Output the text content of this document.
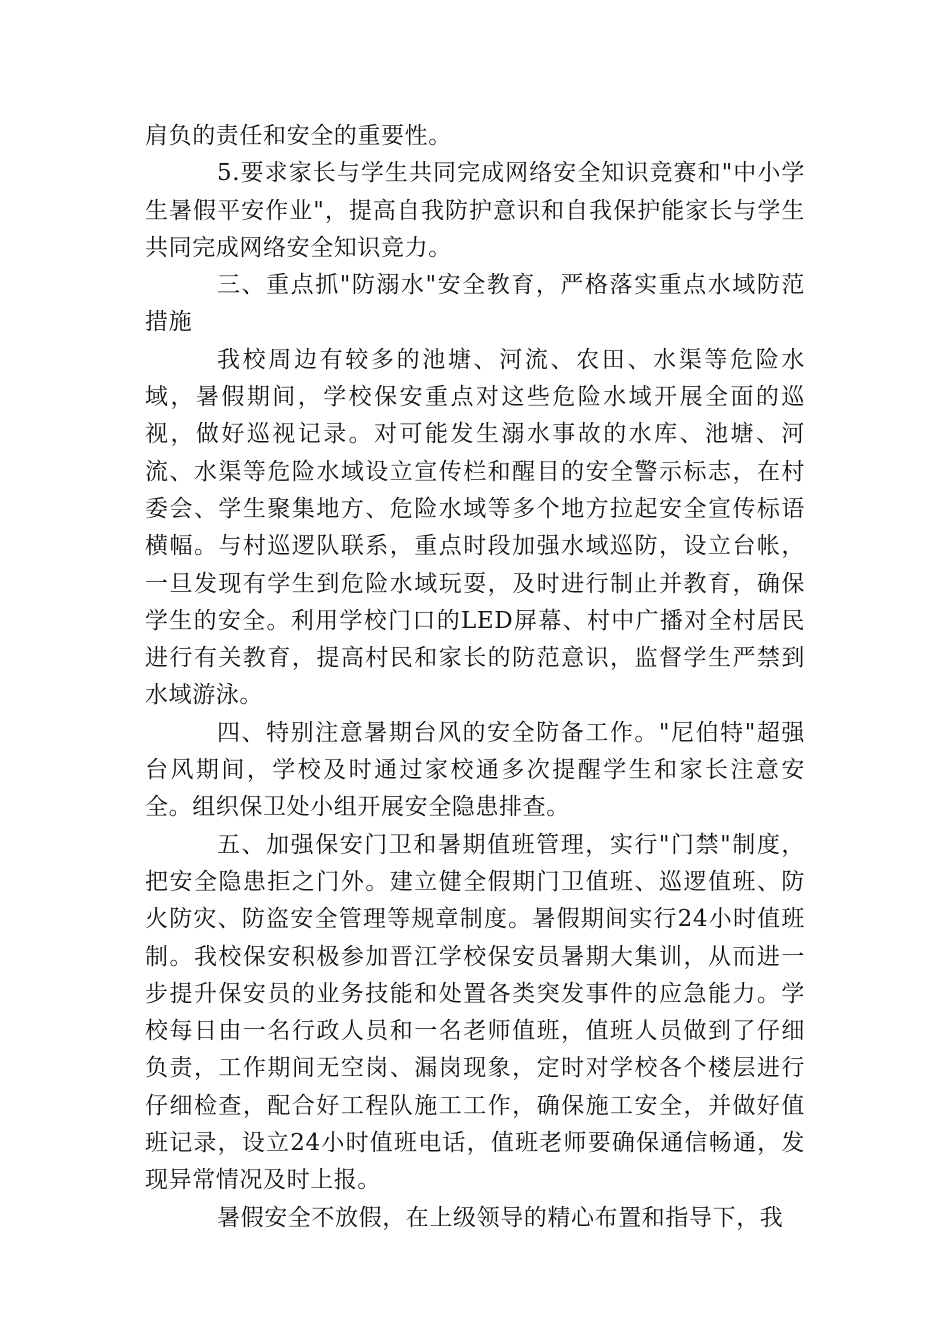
肩负的责任和安全的重要性。

5.要求家长与学生共同完成网络安全知识竞赛和"中小学生暑假平安作业"，提高自我防护意识和自我保护能家长与学生共同完成网络安全知识竞力。

三、重点抓"防溺水"安全教育，严格落实重点水域防范措施

我校周边有较多的池塘、河流、农田、水渠等危险水域，暑假期间，学校保安重点对这些危险水域开展全面的巡视，做好巡视记录。对可能发生溺水事故的水库、池塘、河流、水渠等危险水域设立宣传栏和醒目的安全警示标志，在村委会、学生聚集地方、危险水域等多个地方拉起安全宣传标语横幅。与村巡逻队联系，重点时段加强水域巡防，设立台帐，一旦发现有学生到危险水域玩耍，及时进行制止并教育，确保学生的安全。利用学校门口的LED屏幕、村中广播对全村居民进行有关教育，提高村民和家长的防范意识，监督学生严禁到水域游泳。

四、特别注意暑期台风的安全防备工作。"尼伯特"超强台风期间，学校及时通过家校通多次提醒学生和家长注意安全。组织保卫处小组开展安全隐患排查。

五、加强保安门卫和暑期值班管理，实行"门禁"制度，把安全隐患拒之门外。建立健全假期门卫值班、巡逻值班、防火防灾、防盗安全管理等规章制度。暑假期间实行24小时值班制。我校保安积极参加晋江学校保安员暑期大集训，从而进一步提升保安员的业务技能和处置各类突发事件的应急能力。学校每日由一名行政人员和一名老师值班，值班人员做到了仔细负责，工作期间无空岗、漏岗现象，定时对学校各个楼层进行仔细检查，配合好工程队施工工作，确保施工安全，并做好值班记录，设立24小时值班电话，值班老师要确保通信畅通，发现异常情况及时上报。

暑假安全不放假，在上级领导的精心布置和指导下，我
